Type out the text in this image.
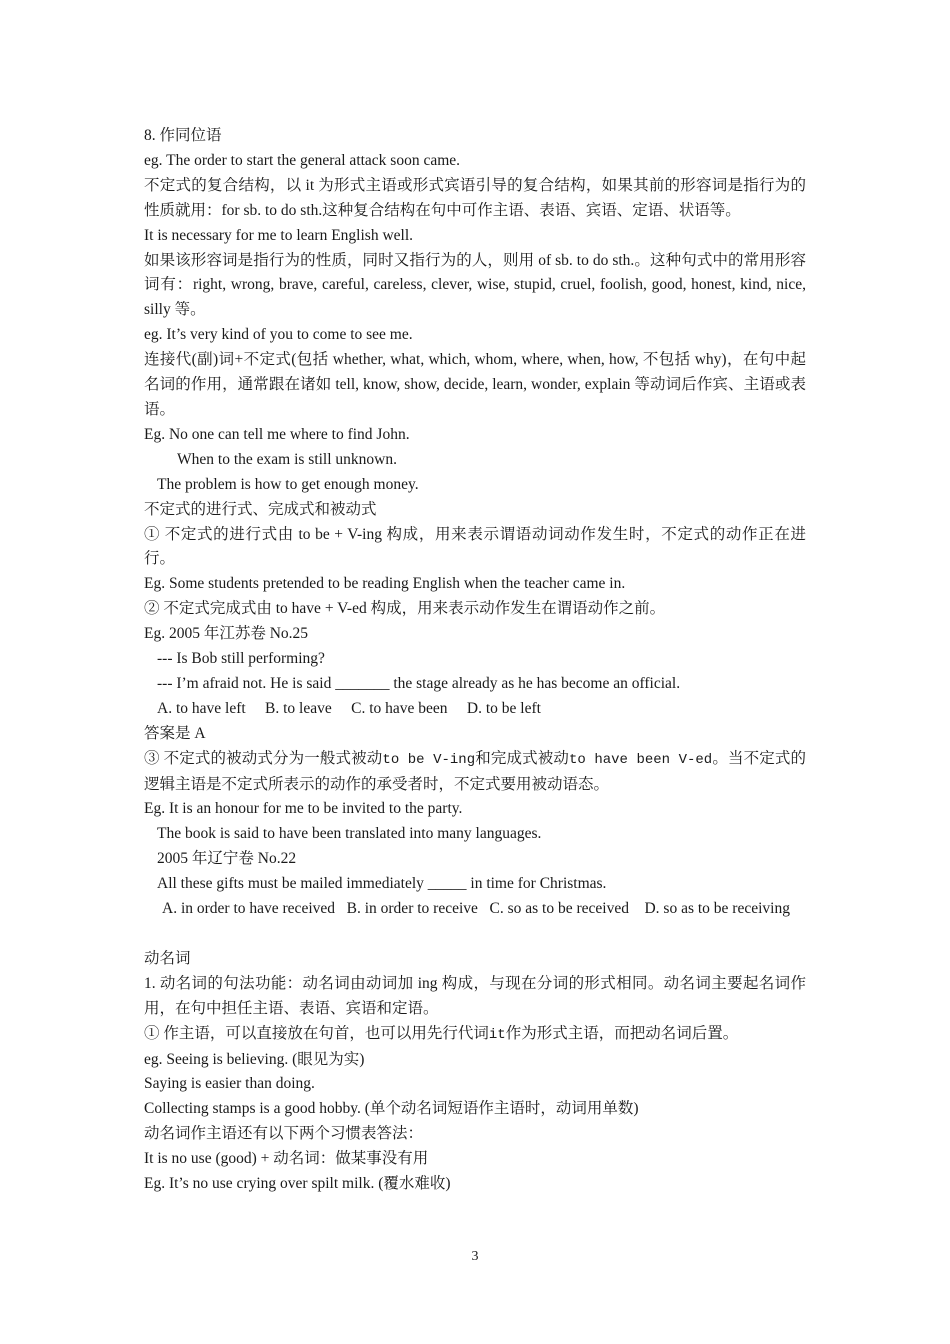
8. 作同位语

eg. The order to start the general attack soon came.

不定式的复合结构，以 it 为形式主语或形式宾语引导的复合结构，如果其前的形容词是指行为的性质就用：for sb. to do sth.这种复合结构在句中可作主语、表语、宾语、定语、状语等。

It is necessary for me to learn English well.

如果该形容词是指行为的性质，同时又指行为的人，则用 of sb. to do sth.。这种句式中的常用形容词有：right, wrong, brave, careful, careless, clever, wise, stupid, cruel, foolish, good, honest, kind, nice, silly 等。

eg. It’s very kind of you to come to see me.

连接代(副)词+不定式(包括 whether, what, which, whom, where, when, how, 不包括 why)，在句中起名词的作用，通常跟在诸如 tell, know, show, decide, learn, wonder, explain 等动词后作宾、主语或表语。

Eg. No one can tell me where to find John.

When to the exam is still unknown.

The problem is how to get enough money.

不定式的进行式、完成式和被动式

① 不定式的进行式由 to be + V-ing 构成，用来表示谓语动词动作发生时，不定式的动作正在进行。

Eg. Some students pretended to be reading English when the teacher came in.

② 不定式完成式由 to have + V-ed 构成，用来表示动作发生在谓语动作之前。

Eg. 2005 年江苏卷 No.25

--- Is Bob still performing?

--- I’m afraid not. He is said _______ the stage already as he has become an official.

A. to have left     B. to leave     C. to have been     D. to be left

答案是 A

③ 不定式的被动式分为一般式被动to be V-ing和完成式被动to have been V-ed。当不定式的逻辑主语是不定式所表示的动作的承受者时，不定式要用被动语态。

Eg. It is an honour for me to be invited to the party.

The book is said to have been translated into many languages.

2005 年辽宁卷 No.22

All these gifts must be mailed immediately _____ in time for Christmas.

A. in order to have received   B. in order to receive   C. so as to be received    D. so as to be receiving

动名词

1. 动名词的句法功能：动名词由动词加 ing 构成，与现在分词的形式相同。动名词主要起名词作用，在句中担任主语、表语、宾语和定语。

① 作主语，可以直接放在句首，也可以用先行代词it作为形式主语，而把动名词后置。

eg. Seeing is believing. (眼见为实)

Saying is easier than doing.

Collecting stamps is a good hobby. (单个动名词短语作主语时，动词用单数)

动名词作主语还有以下两个习惯表答法：

It is no use (good) + 动名词：做某事没有用

Eg. It’s no use crying over spilt milk. (覆水难收)

3
